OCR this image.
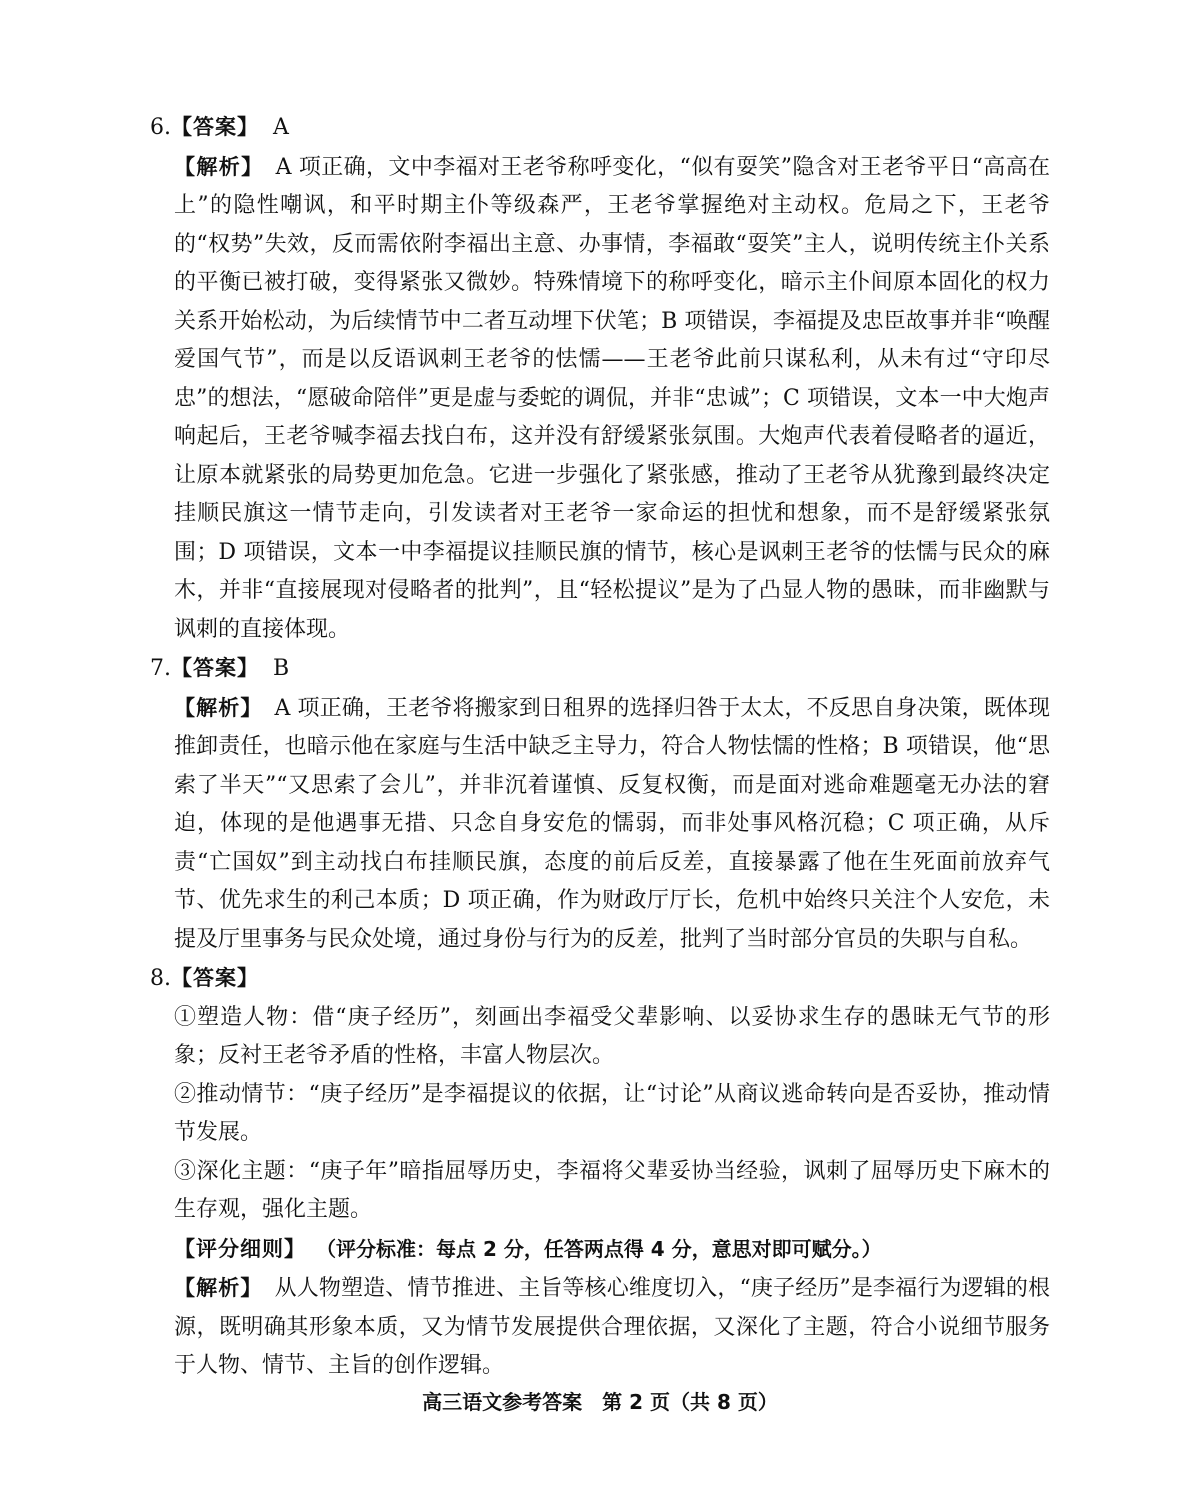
6.【答案】 A

【解析】 A 项正确，文中李福对王老爷称呼变化，“似有耍笑”隐含对王老爷平日“高高在上”的隐性嘲讽，和平时期主仆等级森严，王老爷掌握绝对主动权。危局之下，王老爷的“权势”失效，反而需依附李福出主意、办事情，李福敢“耍笑”主人，说明传统主仆关系的平衡已被打破，变得紧张又微妙。特殊情境下的称呼变化，暗示主仆间原本固化的权力关系开始松动，为后续情节中二者互动埋下伏笔；B 项错误，李福提及忠臣故事并非“唤醒爱国气节”，而是以反语讽刺王老爷的怯懦——王老爷此前只谋私利，从未有过“守印尽忠”的想法，“愿破命陪伴”更是虚与委蛇的调侃，并非“忠诚”；C 项错误，文本一中大炮声响起后，王老爷喊李福去找白布，这并没有舒缓紧张氛围。大炮声代表着侵略者的逼近，让原本就紧张的局势更加危急。它进一步强化了紧张感，推动了王老爷从犹豫到最终决定挂顺民旗这一情节走向，引发读者对王老爷一家命运的担忧和想象，而不是舒缓紧张氛围；D 项错误，文本一中李福提议挂顺民旗的情节，核心是讽刺王老爷的怯懦与民众的麻木，并非“直接展现对侵略者的批判”，且“轻松提议”是为了凸显人物的愚昧，而非幽默与讽刺的直接体现。

7.【答案】 B

【解析】 A 项正确，王老爷将搬家到日租界的选择归咎于太太，不反思自身决策，既体现推卸责任，也暗示他在家庭与生活中缺乏主导力，符合人物怯懦的性格；B 项错误，他“思索了半天”“又思索了会儿”，并非沉着谨慎、反复权衡，而是面对逃命难题毫无办法的窘迫，体现的是他遇事无措、只念自身安危的懦弱，而非处事风格沉稳；C 项正确，从斥责“亡国奴”到主动找白布挂顺民旗，态度的前后反差，直接暴露了他在生死面前放弃气节、优先求生的利己本质；D 项正确，作为财政厅厅长，危机中始终只关注个人安危，未提及厅里事务与民众处境，通过身份与行为的反差，批判了当时部分官员的失职与自私。

8.【答案】

①塑造人物：借“庚子经历”，刻画出李福受父辈影响、以妥协求生存的愚昧无气节的形象；反衬王老爷矛盾的性格，丰富人物层次。

②推动情节：“庚子经历”是李福提议的依据，让“讨论”从商议逃命转向是否妥协，推动情节发展。

③深化主题：“庚子年”暗指屈辱历史，李福将父辈妥协当经验，讽刺了屈辱历史下麻木的生存观，强化主题。

【评分细则】 （评分标准：每点 2 分，任答两点得 4 分，意思对即可赋分。）

【解析】 从人物塑造、情节推进、主旨等核心维度切入，“庚子经历”是李福行为逻辑的根源，既明确其形象本质，又为情节发展提供合理依据，又深化了主题，符合小说细节服务于人物、情节、主旨的创作逻辑。

高三语文参考答案　第 2 页（共 8 页）
